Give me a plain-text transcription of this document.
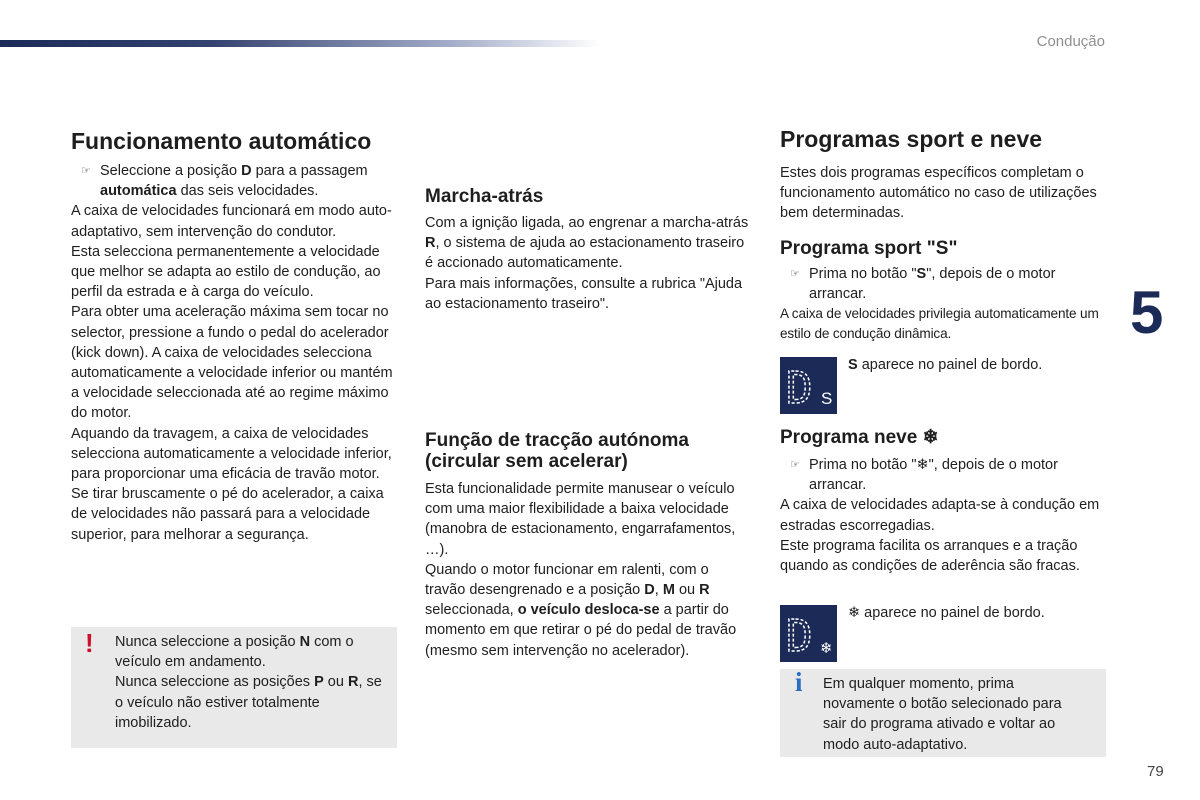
Condução
5
79
Funcionamento automático

☞ Seleccione a posição D para a passagem automática das seis velocidades.

A caixa de velocidades funcionará em modo auto-adaptativo, sem intervenção do condutor.

Esta selecciona permanentemente a velocidade que melhor se adapta ao estilo de condução, ao perfil da estrada e à carga do veículo.

Para obter uma aceleração máxima sem tocar no selector, pressione a fundo o pedal do acelerador (kick down). A caixa de velocidades selecciona automaticamente a velocidade inferior ou mantém a velocidade seleccionada até ao regime máximo do motor.

Aquando da travagem, a caixa de velocidades selecciona automaticamente a velocidade inferior, para proporcionar uma eficácia de travão motor.

Se tirar bruscamente o pé do acelerador, a caixa de velocidades não passará para a velocidade superior, para melhorar a segurança.

! Nunca seleccione a posição N com o veículo em andamento.

Nunca seleccione as posições P ou R, se o veículo não estiver totalmente imobilizado.

Marcha-atrás

Com a ignição ligada, ao engrenar a marcha-atrás R, o sistema de ajuda ao estacionamento traseiro é accionado automaticamente.

Para mais informações, consulte a rubrica "Ajuda ao estacionamento traseiro".

Função de tracção autónoma (circular sem acelerar)

Esta funcionalidade permite manusear o veículo com uma maior flexibilidade a baixa velocidade (manobra de estacionamento, engarrafamentos, …).

Quando o motor funcionar em ralenti, com o travão desengrenado e a posição D, M ou R seleccionada, o veículo desloca-se a partir do momento em que retirar o pé do pedal de travão (mesmo sem intervenção no acelerador).

Programas sport e neve

Estes dois programas específicos completam o funcionamento automático no caso de utilizações bem determinadas.

Programa sport "S"

☞ Prima no botão "S", depois de o motor arrancar.

A caixa de velocidades privilegia automaticamente um estilo de condução dinâmica.

D S
S aparece no painel de bordo.
Programa neve ❄

☞ Prima no botão "❄", depois de o motor arrancar.

A caixa de velocidades adapta-se à condução em estradas escorregadias.

Este programa facilita os arranques e a tração quando as condições de aderência são fracas.

D ❄
❄ aparece no painel de bordo.
i Em qualquer momento, prima novamente o botão selecionado para sair do programa ativado e voltar ao modo auto-adaptativo.
